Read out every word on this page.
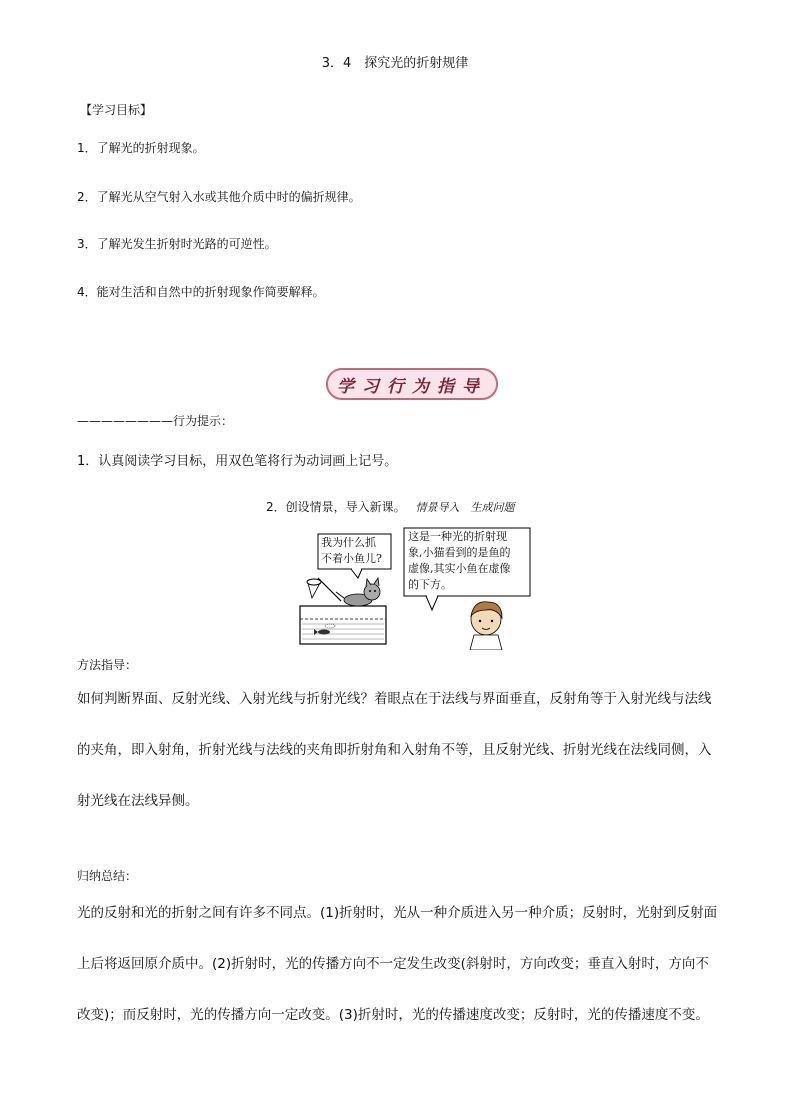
3．4　探究光的折射规律
【学习目标】
1．了解光的折射现象。
2．了解光从空气射入水或其他介质中时的偏折规律。
3．了解光发生折射时光路的可逆性。
4．能对生活和自然中的折射现象作简要解释。
学习行为指导
————————行为提示：
1．认真阅读学习目标，用双色笔将行为动词画上记号。
2．创设情景，导入新课。 情景导入　生成问题
我为什么抓
不着小鱼儿?
这是一种光的折射现
象,小猫看到的是鱼的
虚像,其实小鱼在虚像
的下方。
方法指导：
如何判断界面、反射光线、入射光线与折射光线？着眼点在于法线与界面垂直，反射角等于入射光线与法线的夹角，即入射角，折射光线与法线的夹角即折射角和入射角不等，且反射光线、折射光线在法线同侧，入射光线在法线异侧。
归纳总结：
光的反射和光的折射之间有许多不同点。(1)折射时，光从一种介质进入另一种介质；反射时，光射到反射面上后将返回原介质中。(2)折射时，光的传播方向不一定发生改变(斜射时，方向改变；垂直入射时，方向不改变)；而反射时，光的传播方向一定改变。(3)折射时，光的传播速度改变；反射时，光的传播速度不变。
